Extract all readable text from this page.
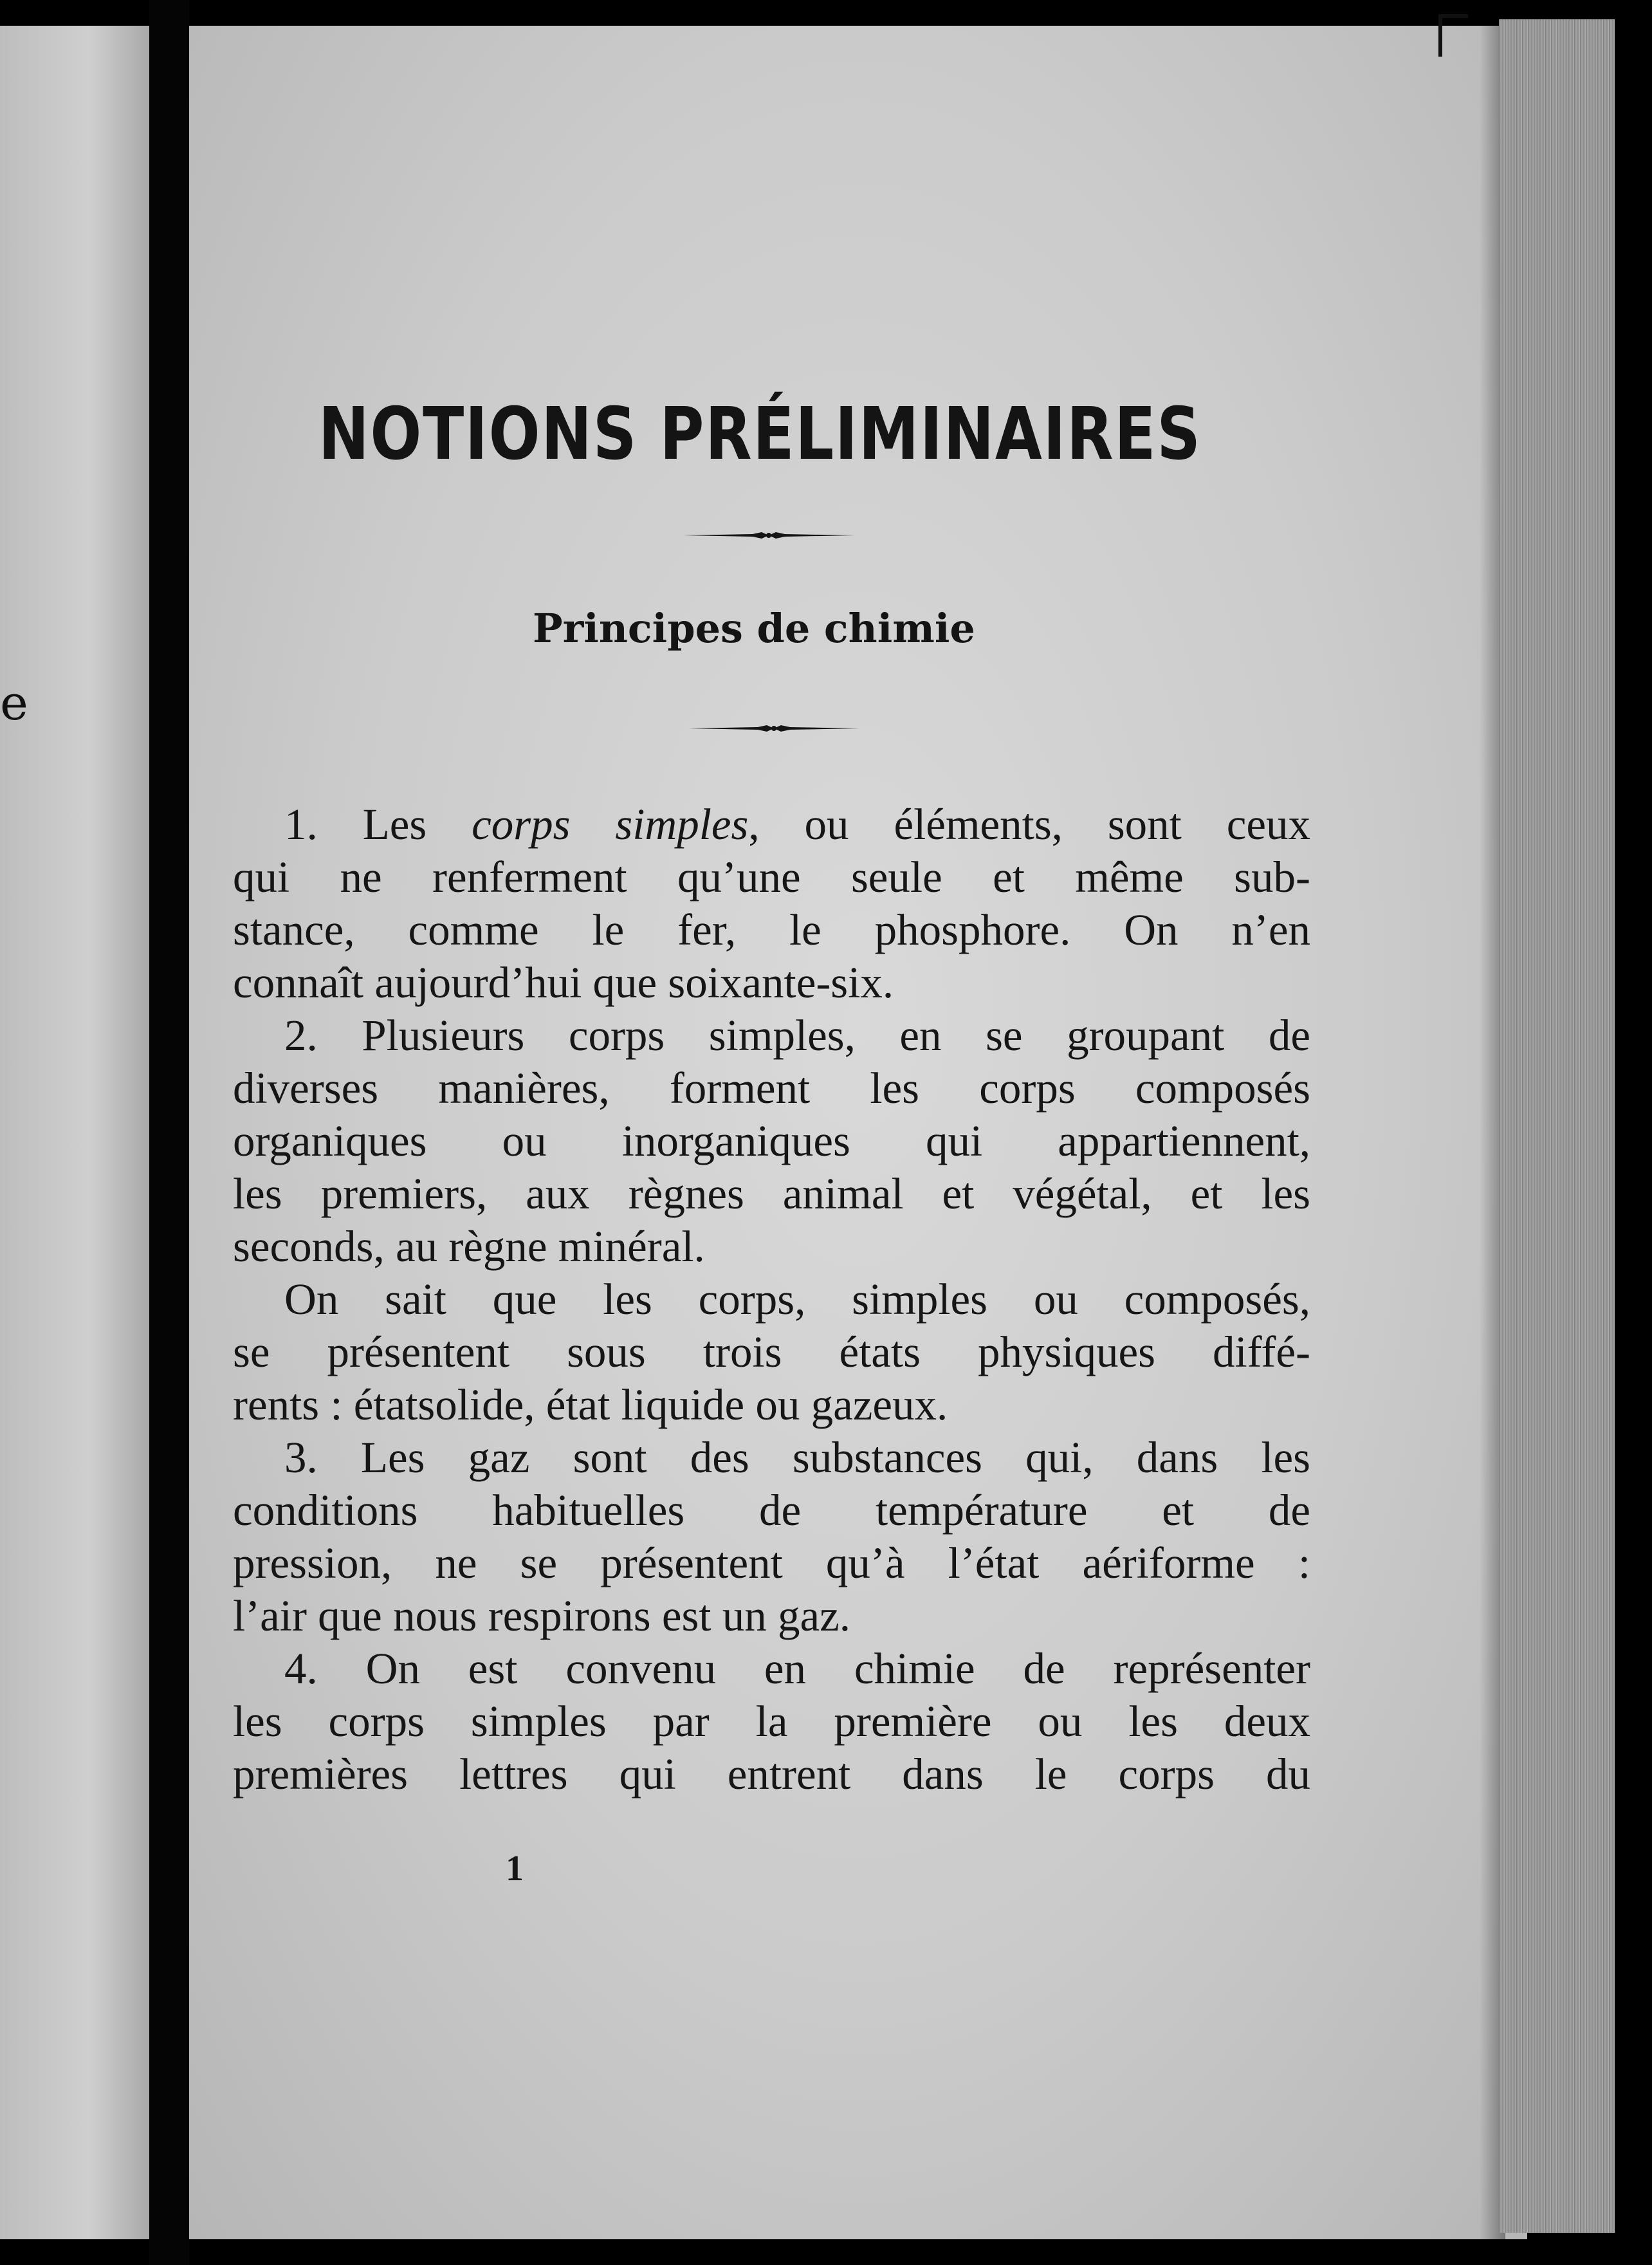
e
NOTIONS PRÉLIMINAIRES
Principes de chimie

1. Les corps simples, ou éléments, sont ceux
qui ne renferment qu’une seule et même sub-
stance, comme le fer, le phosphore. On n’en
connaît aujourd’hui que soixante-six.

2. Plusieurs corps simples, en se groupant de
diverses manières, forment les corps composés
organiques ou inorganiques qui appartiennent,
les premiers, aux règnes animal et végétal, et les
seconds, au règne minéral.

On sait que les corps, simples ou composés,
se présentent sous trois états physiques diffé-
rents : étatsolide, état liquide ou gazeux.

3. Les gaz sont des substances qui, dans les
conditions habituelles de température et de
pression, ne se présentent qu’à l’état aériforme :
l’air que nous respirons est un gaz.

4. On est convenu en chimie de représenter
les corps simples par la première ou les deux
premières lettres qui entrent dans le corps du

1
